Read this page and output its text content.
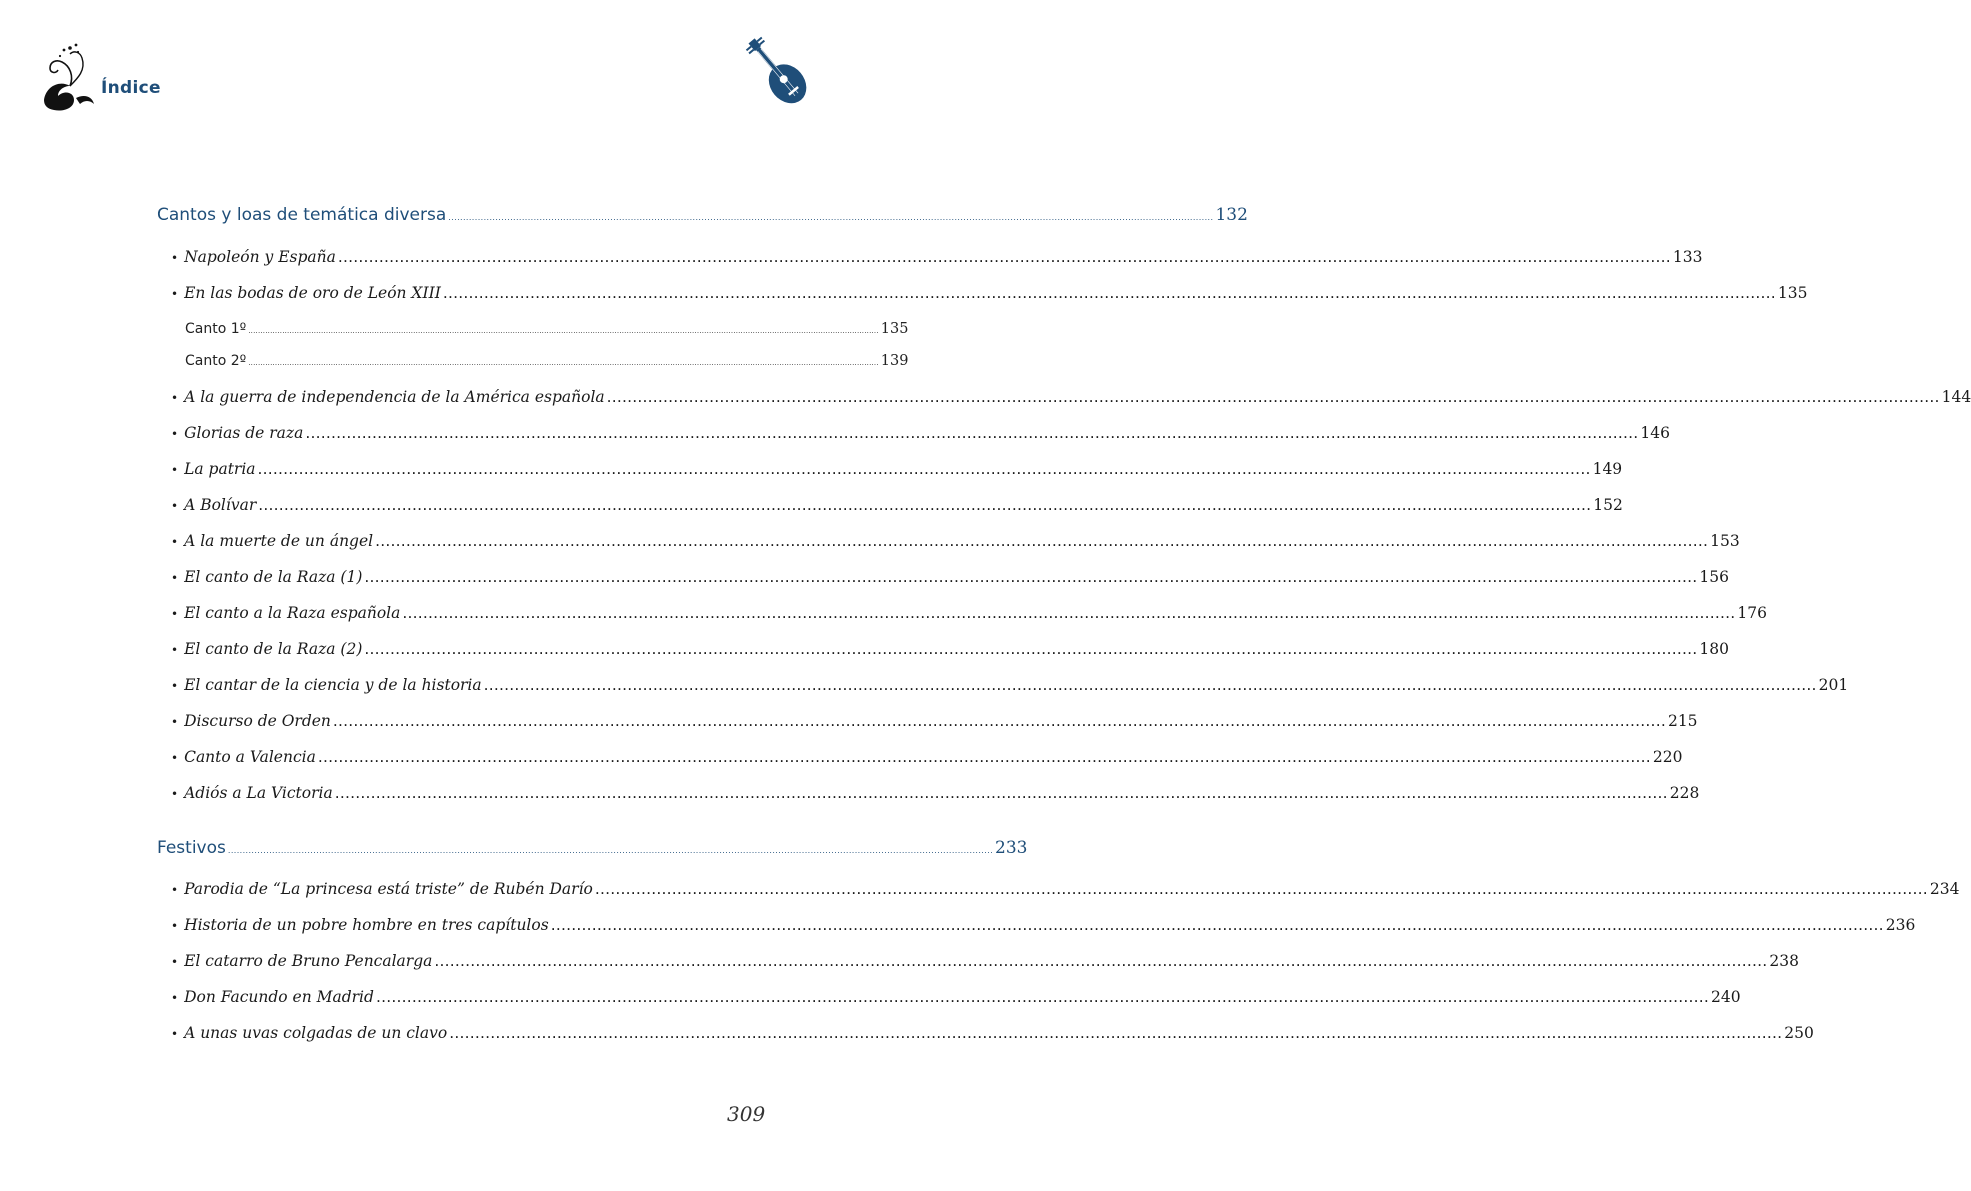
Índice
Cantos y loas de temática diversa .................................................................................................................................................................................................................................................................... 132
• Napoleón y España .................................................................................................................................................................................................................................................................... 133
• En las bodas de oro de León XIII .................................................................................................................................................................................................................................................................... 135
Canto 1º .................................................................................................................................................................................................................................................................... 135
Canto 2º .................................................................................................................................................................................................................................................................... 139
• A la guerra de independencia de la América española .................................................................................................................................................................................................................................................................... 144
• Glorias de raza .................................................................................................................................................................................................................................................................... 146
• La patria .................................................................................................................................................................................................................................................................... 149
• A Bolívar .................................................................................................................................................................................................................................................................... 152
• A la muerte de un ángel .................................................................................................................................................................................................................................................................... 153
• El canto de la Raza (1) .................................................................................................................................................................................................................................................................... 156
• El canto a la Raza española .................................................................................................................................................................................................................................................................... 176
• El canto de la Raza (2) .................................................................................................................................................................................................................................................................... 180
• El cantar de la ciencia y de la historia .................................................................................................................................................................................................................................................................... 201
• Discurso de Orden .................................................................................................................................................................................................................................................................... 215
• Canto a Valencia .................................................................................................................................................................................................................................................................... 220
• Adiós a La Victoria .................................................................................................................................................................................................................................................................... 228
Festivos .................................................................................................................................................................................................................................................................... 233
• Parodia de “La princesa está triste” de Rubén Darío .................................................................................................................................................................................................................................................................... 234
• Historia de un pobre hombre en tres capítulos .................................................................................................................................................................................................................................................................... 236
• El catarro de Bruno Pencalarga .................................................................................................................................................................................................................................................................... 238
• Don Facundo en Madrid .................................................................................................................................................................................................................................................................... 240
• A unas uvas colgadas de un clavo .................................................................................................................................................................................................................................................................... 250
309
